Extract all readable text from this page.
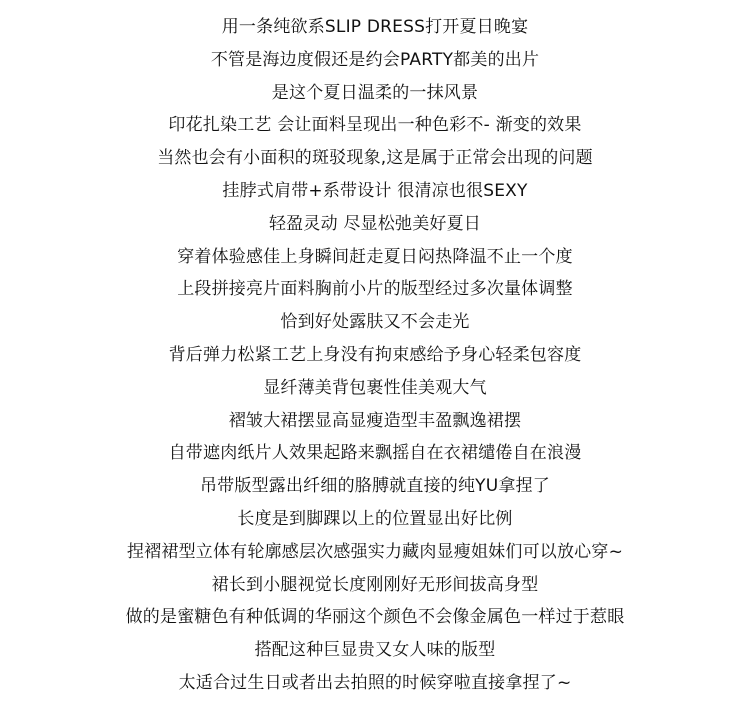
用一条纯欲系SLIP DRESS打开夏日晚宴
不管是海边度假还是约会PARTY都美的出片
是这个夏日温柔的一抹风景
印花扎染工艺 会让面料呈现出一种色彩不- 渐变的效果
当然也会有小面积的斑驳现象,这是属于正常会出现的问题
挂脖式肩带+系带设计 很清凉也很SEXY
轻盈灵动 尽显松弛美好夏日
穿着体验感佳上身瞬间赶走夏日闷热降温不止一个度
上段拼接亮片面料胸前小片的版型经过多次量体调整
恰到好处露肤又不会走光
背后弹力松紧工艺上身没有拘束感给予身心轻柔包容度
显纤薄美背包裹性佳美观大气
褶皱大裙摆显高显瘦造型丰盈飘逸裙摆
自带遮肉纸片人效果起路来飘摇自在衣裙缱倦自在浪漫
吊带版型露出纤细的胳膊就直接的纯YU拿捏了
长度是到脚踝以上的位置显出好比例
捏褶裙型立体有轮廓感层次感强实力藏肉显瘦姐妹们可以放心穿~
裙长到小腿视觉长度刚刚好无形间拔高身型
做的是蜜糖色有种低调的华丽这个颜色不会像金属色一样过于惹眼
搭配这种巨显贵又女人味的版型
太适合过生日或者出去拍照的时候穿啦直接拿捏了~
